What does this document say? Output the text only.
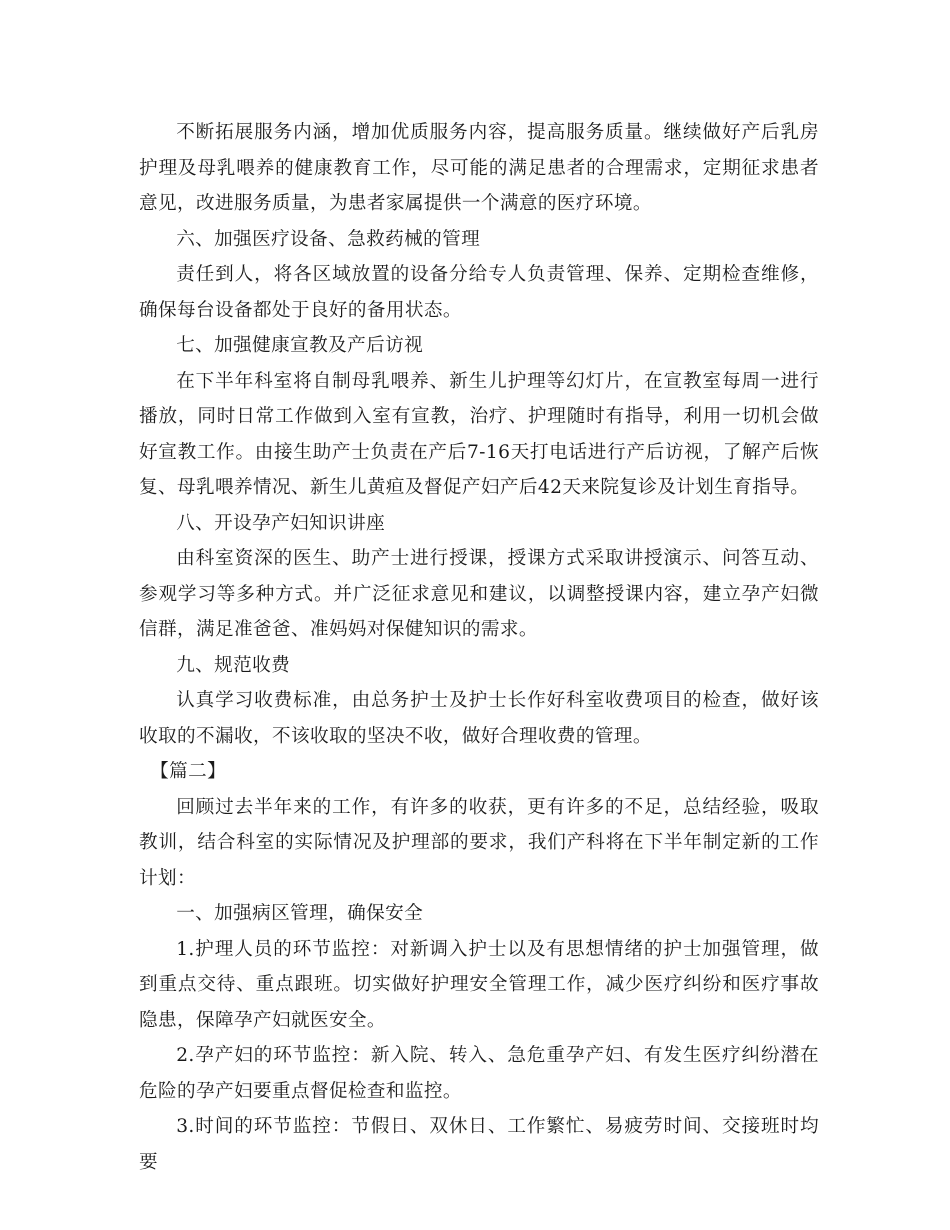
不断拓展服务内涵，增加优质服务内容，提高服务质量。继续做好产后乳房护理及母乳喂养的健康教育工作，尽可能的满足患者的合理需求，定期征求患者意见，改进服务质量，为患者家属提供一个满意的医疗环境。

六、加强医疗设备、急救药械的管理

责任到人，将各区域放置的设备分给专人负责管理、保养、定期检查维修，确保每台设备都处于良好的备用状态。

七、加强健康宣教及产后访视

在下半年科室将自制母乳喂养、新生儿护理等幻灯片，在宣教室每周一进行播放，同时日常工作做到入室有宣教，治疗、护理随时有指导，利用一切机会做好宣教工作。由接生助产士负责在产后7-16天打电话进行产后访视，了解产后恢复、母乳喂养情况、新生儿黄疸及督促产妇产后42天来院复诊及计划生育指导。

八、开设孕产妇知识讲座

由科室资深的医生、助产士进行授课，授课方式采取讲授演示、问答互动、参观学习等多种方式。并广泛征求意见和建议，以调整授课内容，建立孕产妇微信群，满足准爸爸、准妈妈对保健知识的需求。

九、规范收费

认真学习收费标准，由总务护士及护士长作好科室收费项目的检查，做好该收取的不漏收，不该收取的坚决不收，做好合理收费的管理。

【篇二】

回顾过去半年来的工作，有许多的收获，更有许多的不足，总结经验，吸取教训，结合科室的实际情况及护理部的要求，我们产科将在下半年制定新的工作计划：

一、加强病区管理，确保安全

1.护理人员的环节监控：对新调入护士以及有思想情绪的护士加强管理，做到重点交待、重点跟班。切实做好护理安全管理工作，减少医疗纠纷和医疗事故隐患，保障孕产妇就医安全。

2.孕产妇的环节监控：新入院、转入、急危重孕产妇、有发生医疗纠纷潜在危险的孕产妇要重点督促检查和监控。

3.时间的环节监控：节假日、双休日、工作繁忙、易疲劳时间、交接班时均要
